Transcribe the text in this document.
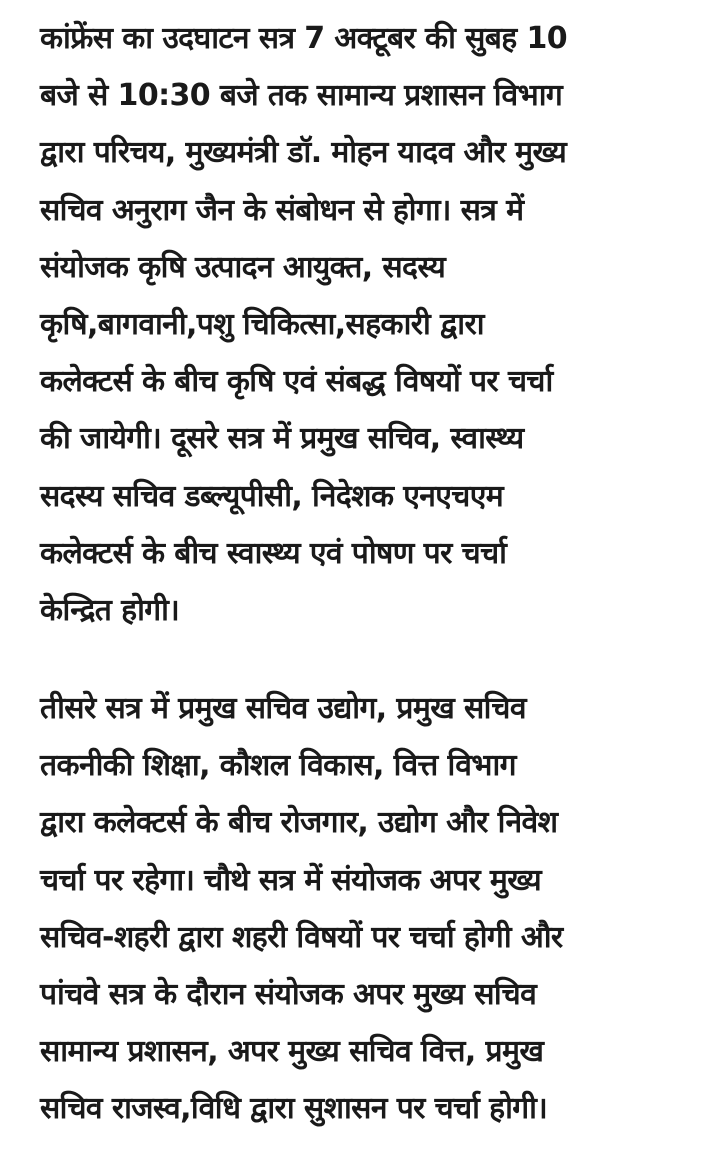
कांफ्रेंस का उदघाटन सत्र 7 अक्टूबर की सुबह 10
बजे से 10:30 बजे तक सामान्य प्रशासन विभाग
द्वारा परिचय, मुख्यमंत्री डॉ. मोहन यादव और मुख्य
सचिव अनुराग जैन के संबोधन से होगा। सत्र में
संयोजक कृषि उत्पादन आयुक्त, सदस्य
कृषि,बागवानी,पशु चिकित्सा,सहकारी द्वारा
कलेक्टर्स के बीच कृषि एवं संबद्ध विषयों पर चर्चा
की जायेगी। दूसरे सत्र में प्रमुख सचिव, स्वास्थ्य
सदस्य सचिव डब्ल्यूपीसी, निदेशक एनएचएम
कलेक्टर्स के बीच स्वास्थ्य एवं पोषण पर चर्चा
केन्द्रित होगी।
तीसरे सत्र में प्रमुख सचिव उद्योग, प्रमुख सचिव
तकनीकी शिक्षा, कौशल विकास, वित्त विभाग
द्वारा कलेक्टर्स के बीच रोजगार, उद्योग और निवेश
चर्चा पर रहेगा। चौथे सत्र में संयोजक अपर मुख्य
सचिव-शहरी द्वारा शहरी विषयों पर चर्चा होगी और
पांचवे सत्र के दौरान संयोजक अपर मुख्य सचिव
सामान्य प्रशासन, अपर मुख्य सचिव वित्त, प्रमुख
सचिव राजस्व,विधि द्वारा सुशासन पर चर्चा होगी।
